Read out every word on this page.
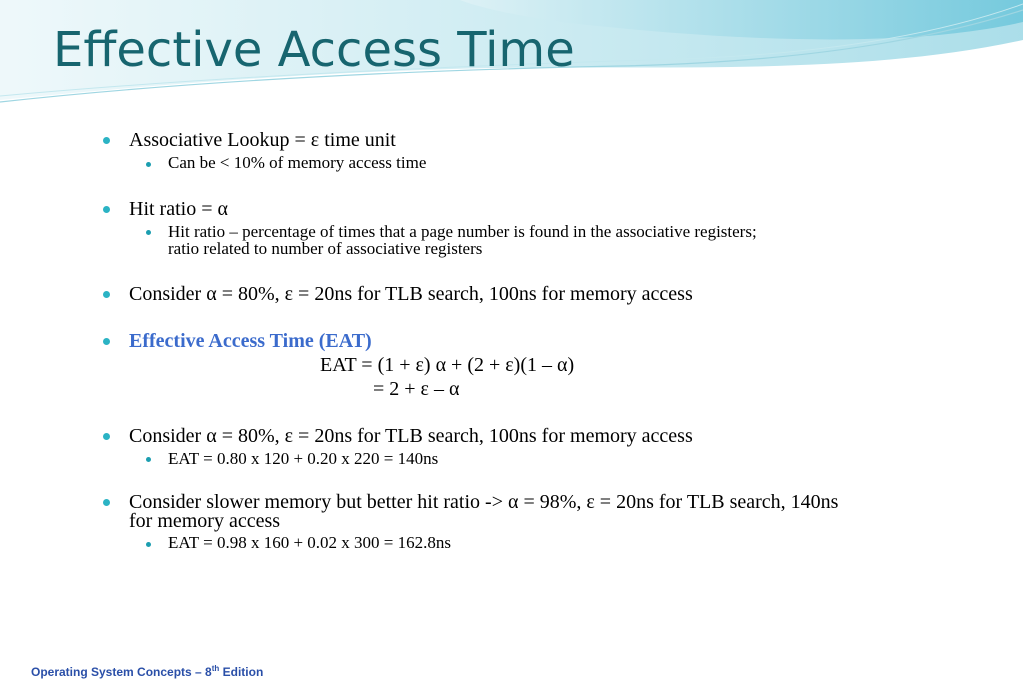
Effective Access Time
Associative Lookup = ε time unit
Can be < 10% of memory access time
Hit ratio = α
Hit ratio – percentage of times that a page number is found in the associative registers;
ratio related to number of associative registers
Consider α = 80%, ε = 20ns for TLB search, 100ns for memory access
Effective Access Time (EAT)
EAT = (1 + ε) α + (2 + ε)(1 – α)
= 2 + ε – α
Consider α = 80%, ε = 20ns for TLB search, 100ns for memory access
EAT = 0.80 x 120 + 0.20 x 220 = 140ns
Consider slower memory but better hit ratio -> α = 98%, ε = 20ns for TLB search, 140ns
for memory access
EAT = 0.98 x 160 + 0.02 x 300 = 162.8ns
Operating System Concepts – 8th Edition
